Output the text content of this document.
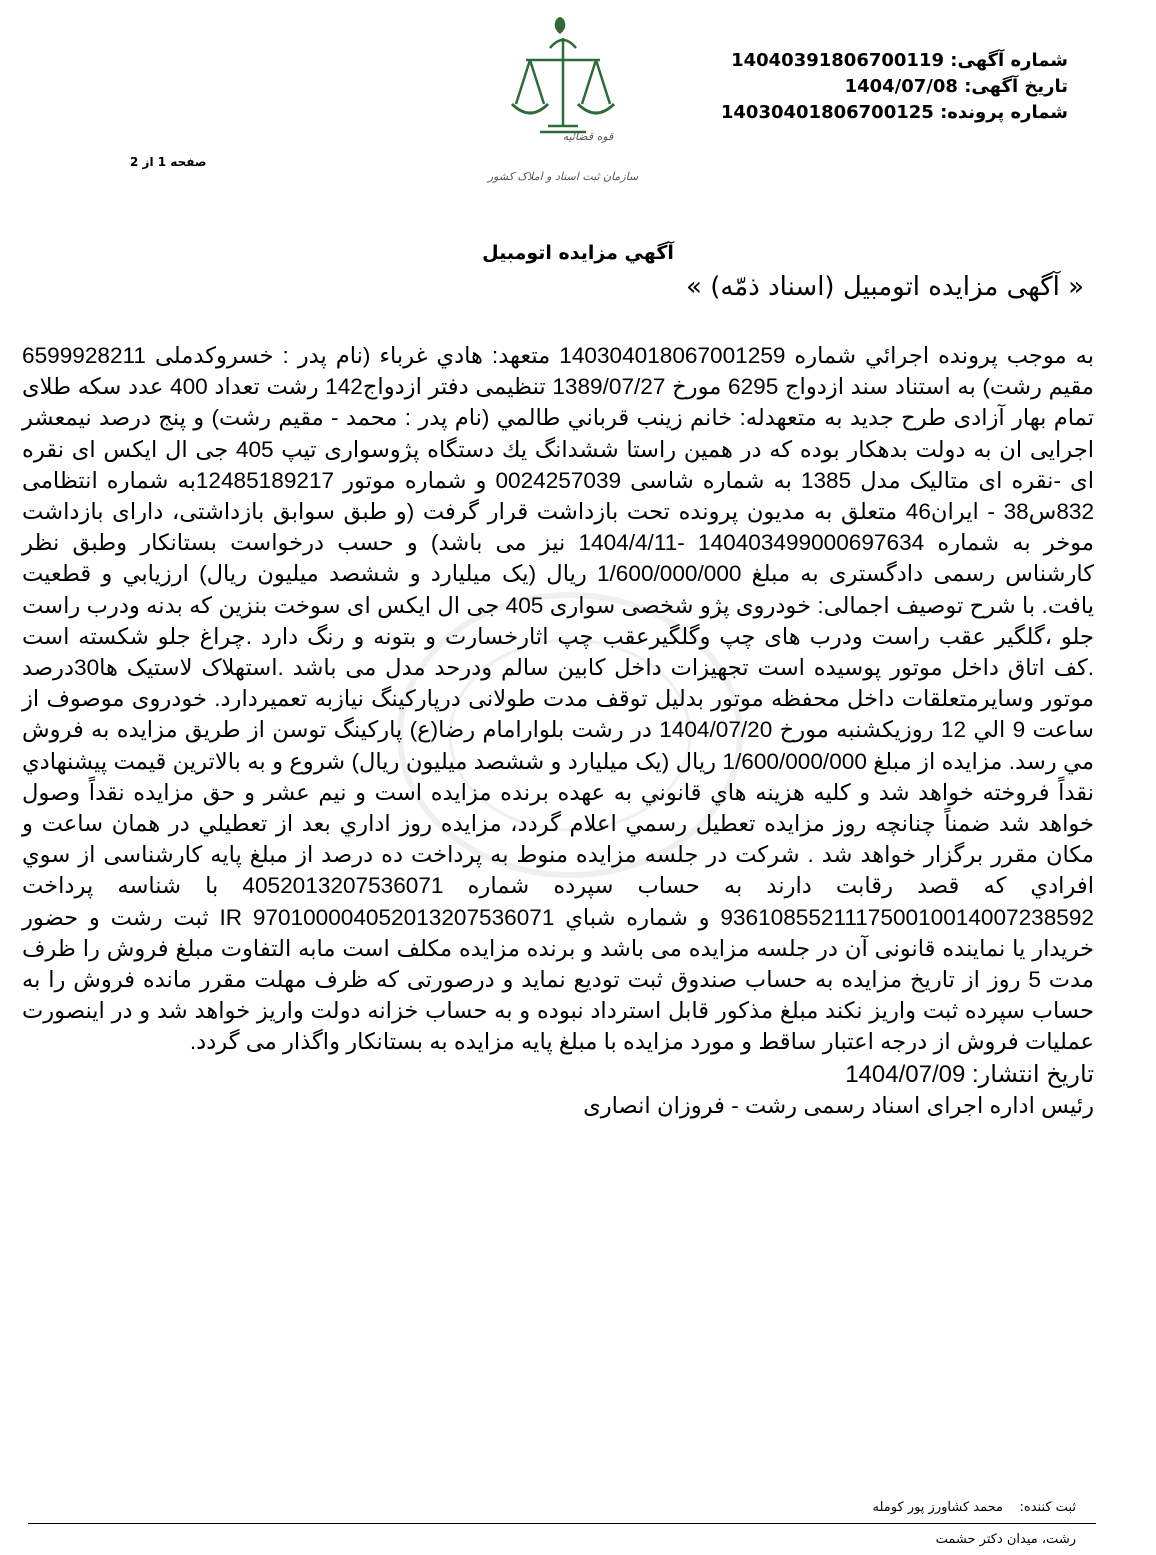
شماره آگهی: 14040391806700119
تاریخ آگهی: 1404/07/08
شماره پرونده: 14030401806700125
صفحه 1 از 2
قوه قضائیه
سازمان ثبت اسناد و املاک کشور
آگهي مزايده اتومبيل
« آگهی مزایده اتومبیل (اسناد ذمّه) »

به موجب پرونده اجرائي شماره 140304018067001259 متعهد: هادي غرباء (نام پدر : خسروکدملی 6599928211 مقیم رشت) به استناد سند ازدواج 6295 مورخ 1389/07/27 تنظیمی دفتر ازدواج142 رشت تعداد 400 عدد سکه طلای تمام بهار آزادی طرح جدید به متعهدله: خانم زينب قرباني طالمي (نام پدر : محمد - مقیم رشت) و پنج درصد نیمعشر اجرایی ان به دولت بدهکار بوده که در همین راستا ششدانگ يك دستگاه پژوسواری تیپ 405 جی ال ایکس ای نقره ای -نقره ای متالیک مدل 1385 به شماره شاسی 0024257039 و شماره موتور 12485189217به شماره انتظامی 832س38 - ایران46 متعلق به مديون پرونده تحت بازداشت قرار گرفت (و طبق سوابق بازداشتی، دارای بازداشت موخر به شماره 140403499000697634 -1404/4/11 نیز می باشد) و حسب درخواست بستانکار وطبق نظر کارشناس رسمی دادگستری به مبلغ 1/600/000/000 ریال (یک میلیارد و ششصد میلیون ریال) ارزیابي و قطعیت یافت. با شرح توصیف اجمالی: خودروی پژو شخصی سواری 405 جی ال ایکس ای سوخت بنزین که بدنه ودرب راست جلو ،گلگیر عقب راست ودرب های چپ وگلگیرعقب چپ اثارخسارت و بتونه و رنگ دارد .چراغ جلو شکسته است .کف اتاق داخل موتور پوسیده است تجهیزات داخل کابین سالم ودرحد مدل می باشد .استهلاک لاستیک ها30درصد موتور وسایرمتعلقات داخل محفظه موتور بدلیل توقف مدت طولانی درپارکینگ نیازبه تعمیردارد. خودروی موصوف از ساعت 9 الي 12 روزیکشنبه مورخ 1404/07/20 در رشت بلوارامام رضا(ع) پارکینگ توسن از طريق مزايده به فروش مي رسد. مزايده از مبلغ 1/600/000/000 ریال (یک میلیارد و ششصد میلیون ریال) شروع و به بالاترين قيمت پيشنهادي نقداً فروخته خواهد شد و كليه هزينه هاي قانوني به عهده برنده مزايده است و نیم عشر و حق مزایده نقداً وصول خواهد شد ضمناً چنانچه روز مزايده تعطيل رسمي اعلام گردد، مزايده روز اداري بعد از تعطيلي در همان ساعت و مكان مقرر برگزار خواهد شد . شرکت در جلسه مزایده منوط به پرداخت ده درصد از مبلغ پایه کارشناسی از سوي افرادي که قصد رقابت دارند به حساب سپرده شماره 4052013207536071 با شناسه پرداخت 936108552111750010014007238592 و شماره شباي IR 970100004052013207536071 ثبت رشت و حضور خريدار يا نماينده قانونی آن در جلسه مزايده می باشد و برنده مزايده مکلف است مابه التفاوت مبلغ فروش را ظرف مدت 5 روز از تاريخ مزايده به حساب صندوق ثبت توديع نمايد و درصورتی که ظرف مهلت مقرر مانده فروش را به حساب سپرده ثبت واريز نکند مبلغ مذکور قابل استرداد نبوده و به حساب خزانه دولت واريز خواهد شد و در اينصورت عمليات فروش از درجه اعتبار ساقط و مورد مزايده با مبلغ پايه مزايده به بستانکار واگذار می گردد.

تاریخ انتشار: 1404/07/09
رئیس اداره اجرای اسناد رسمی رشت - فروزان انصاری
ثبت کننده:    محمد کشاورز پور کومله
رشت، میدان دکتر حشمت
